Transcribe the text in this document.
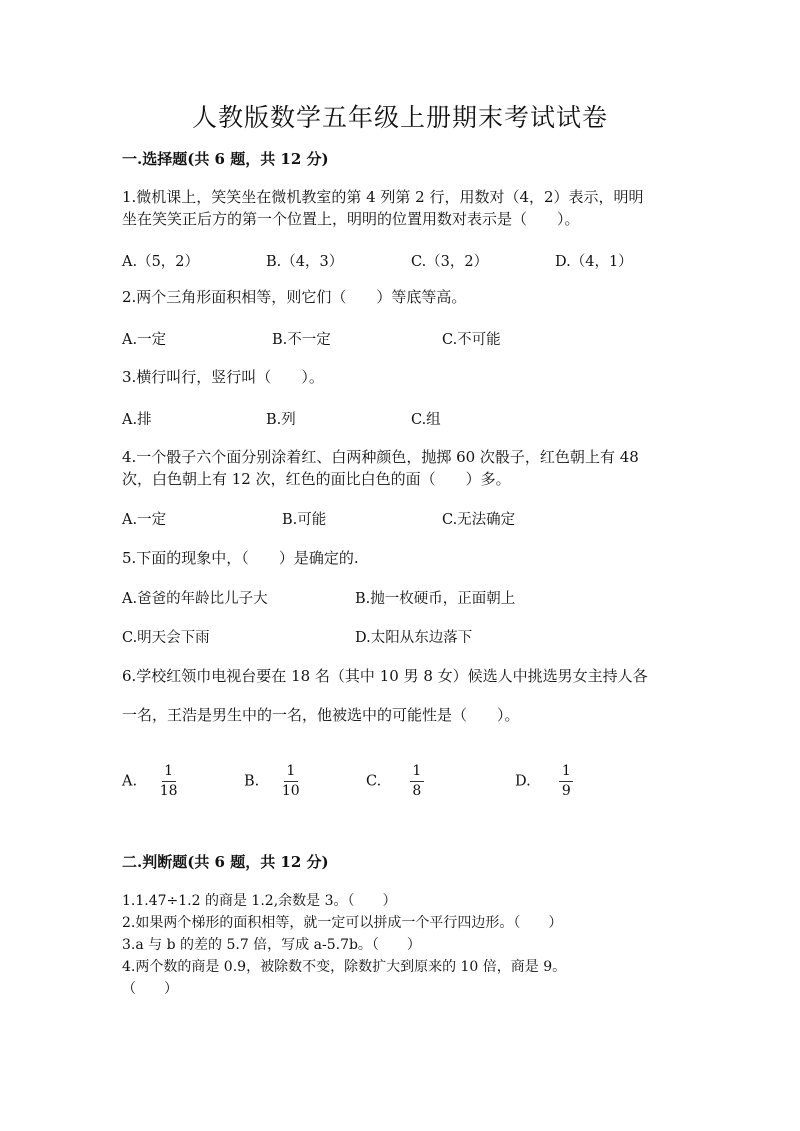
人教版数学五年级上册期末考试试卷
一.选择题(共 6 题，共 12 分)
1.微机课上，笑笑坐在微机教室的第 4 列第 2 行，用数对（4，2）表示，明明
坐在笑笑正后方的第一个位置上，明明的位置用数对表示是（　　）。
A.（5，2）	B.（4，3）	C.（3，2）	D.（4，1）
2.两个三角形面积相等，则它们（　　）等底等高。
A.一定	B.不一定	C.不可能
3.横行叫行，竖行叫（　　）。
A.排	B.列	C.组
4.一个骰子六个面分别涂着红、白两种颜色，抛掷 60 次骰子，红色朝上有 48
次，白色朝上有 12 次，红色的面比白色的面（　　）多。
A.一定	B.可能	C.无法确定
5.下面的现象中，（　　）是确定的.
A.爸爸的年龄比儿子大	B.抛一枚硬币，正面朝上
C.明天会下雨	D.太阳从东边落下
6.学校红领巾电视台要在 18 名（其中 10 男 8 女）候选人中挑选男女主持人各
一名，王浩是男生中的一名，他被选中的可能性是（　　）。
A. $\frac{1}{18}$	B. $\frac{1}{10}$	C. $\frac{1}{8}$	D. $\frac{1}{9}$
二.判断题(共 6 题，共 12 分)
1.1.47÷1.2 的商是 1.2,余数是 3。（　　）
2.如果两个梯形的面积相等，就一定可以拼成一个平行四边形。（　　）
3.a 与 b 的差的 5.7 倍，写成 a-5.7b。（　　）
4.两个数的商是 0.9，被除数不变，除数扩大到原来的 10 倍，商是 9。
（　　）
